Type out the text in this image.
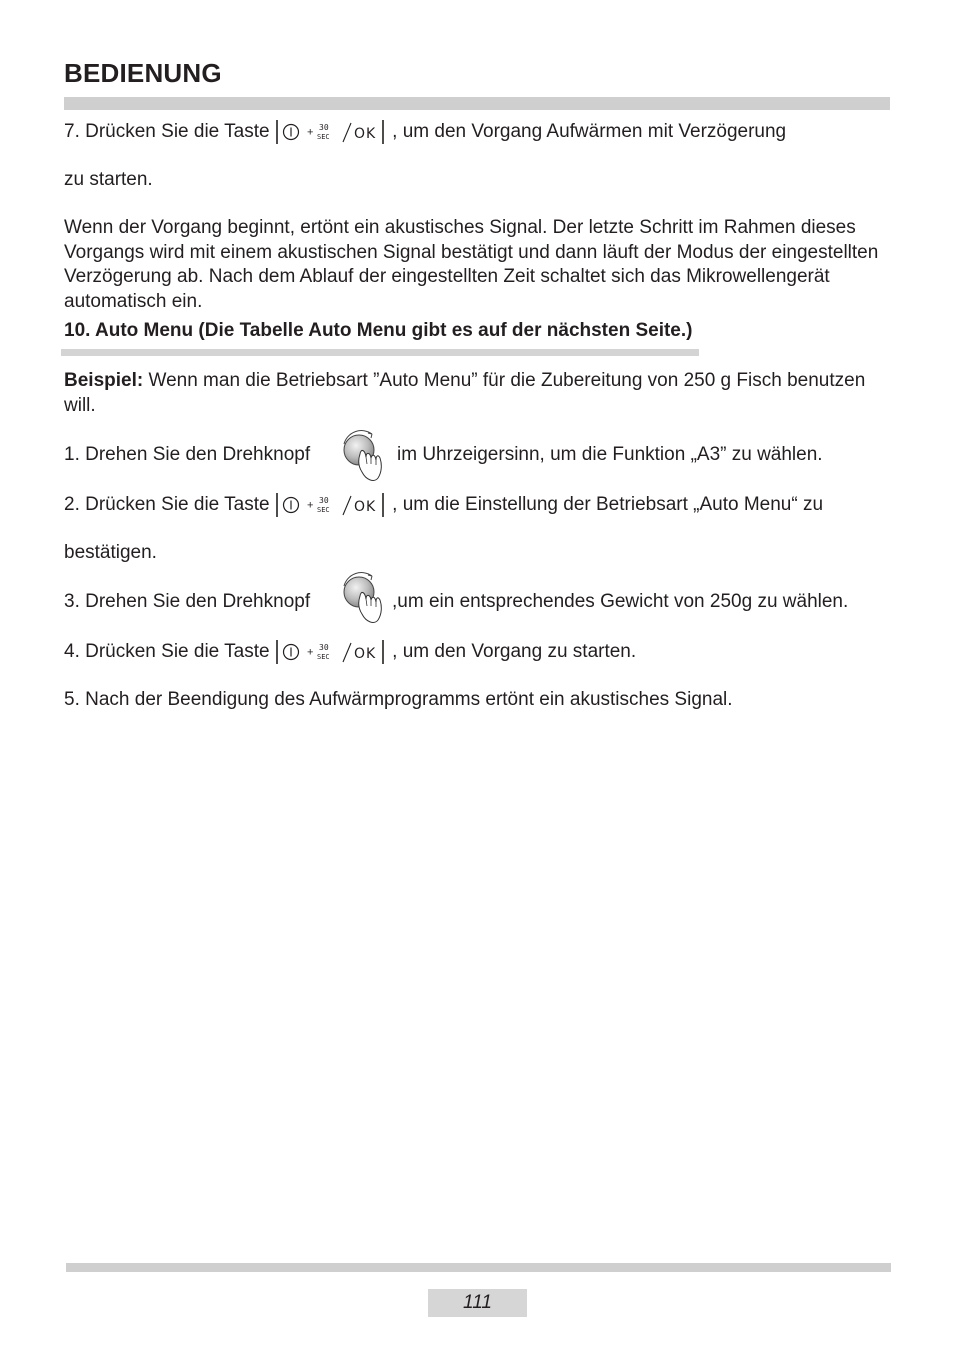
BEDIENUNG
7. Drücken Sie die Taste	, um den Vorgang Aufwärmen mit Verzögerung
zu starten.
Wenn der Vorgang beginnt, ertönt ein akustisches Signal. Der letzte Schritt im Rahmen dieses Vorgangs wird mit einem akustischen Signal bestätigt und dann läuft der Modus der eingestellten Verzögerung ab. Nach dem Ablauf der eingestellten Zeit schaltet sich das Mikrowellengerät automatisch ein.
10. Auto Menu (Die Tabelle Auto Menu gibt es auf der nächsten Seite.)
Beispiel: Wenn man die Betriebsart ”Auto Menu” für die Zubereitung von 250 g Fisch benutzen will.
1. Drehen Sie den Drehknopf	im Uhrzeigersinn, um die Funktion „A3” zu wählen.
2. Drücken Sie die Taste	, um die Einstellung der Betriebsart „Auto Menu“ zu
bestätigen.
3. Drehen Sie den Drehknopf	,um ein entsprechendes Gewicht von 250g zu wählen.
4. Drücken Sie die Taste	, um den Vorgang zu starten.
5. Nach der Beendigung des Aufwärmprogramms ertönt ein akustisches Signal.
111
